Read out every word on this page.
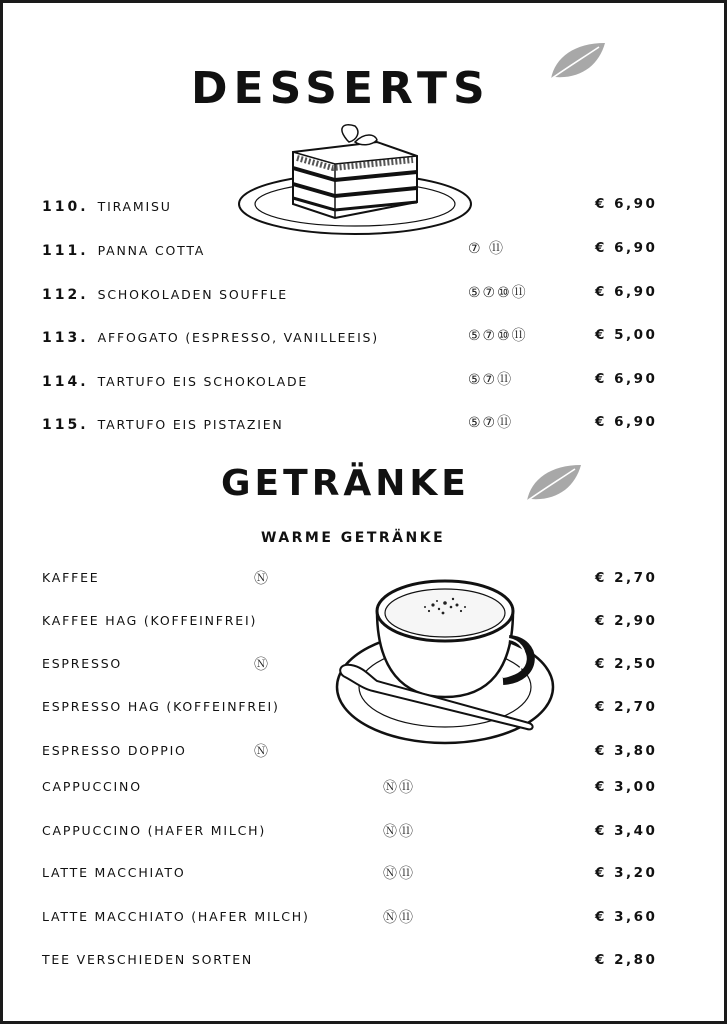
DESSERTS
110. TIRAMISU	€ 6,90
111. PANNA COTTA	⑦ ⑪	€ 6,90
112. SCHOKOLADEN SOUFFLE	⑤⑦⑩⑪	€ 6,90
113. AFFOGATO (ESPRESSO, VANILLEEIS)	⑤⑦⑩⑪	€ 5,00
114. TARTUFO EIS SCHOKOLADE	⑤⑦⑪	€ 6,90
115. TARTUFO EIS PISTAZIEN	⑤⑦⑪	€ 6,90
GETRÄNKE
WARME GETRÄNKE
KAFFEE	Ⓝ	€ 2,70
KAFFEE HAG (KOFFEINFREI)	€ 2,90
ESPRESSO	Ⓝ	€ 2,50
ESPRESSO HAG (KOFFEINFREI)	€ 2,70
ESPRESSO DOPPIO	Ⓝ	€ 3,80
CAPPUCCINO	Ⓝ⑪	€ 3,00
CAPPUCCINO (HAFER MILCH)	Ⓝ⑪	€ 3,40
LATTE MACCHIATO	Ⓝ⑪	€ 3,20
LATTE MACCHIATO (HAFER MILCH)	Ⓝ⑪	€ 3,60
TEE VERSCHIEDEN SORTEN	€ 2,80
